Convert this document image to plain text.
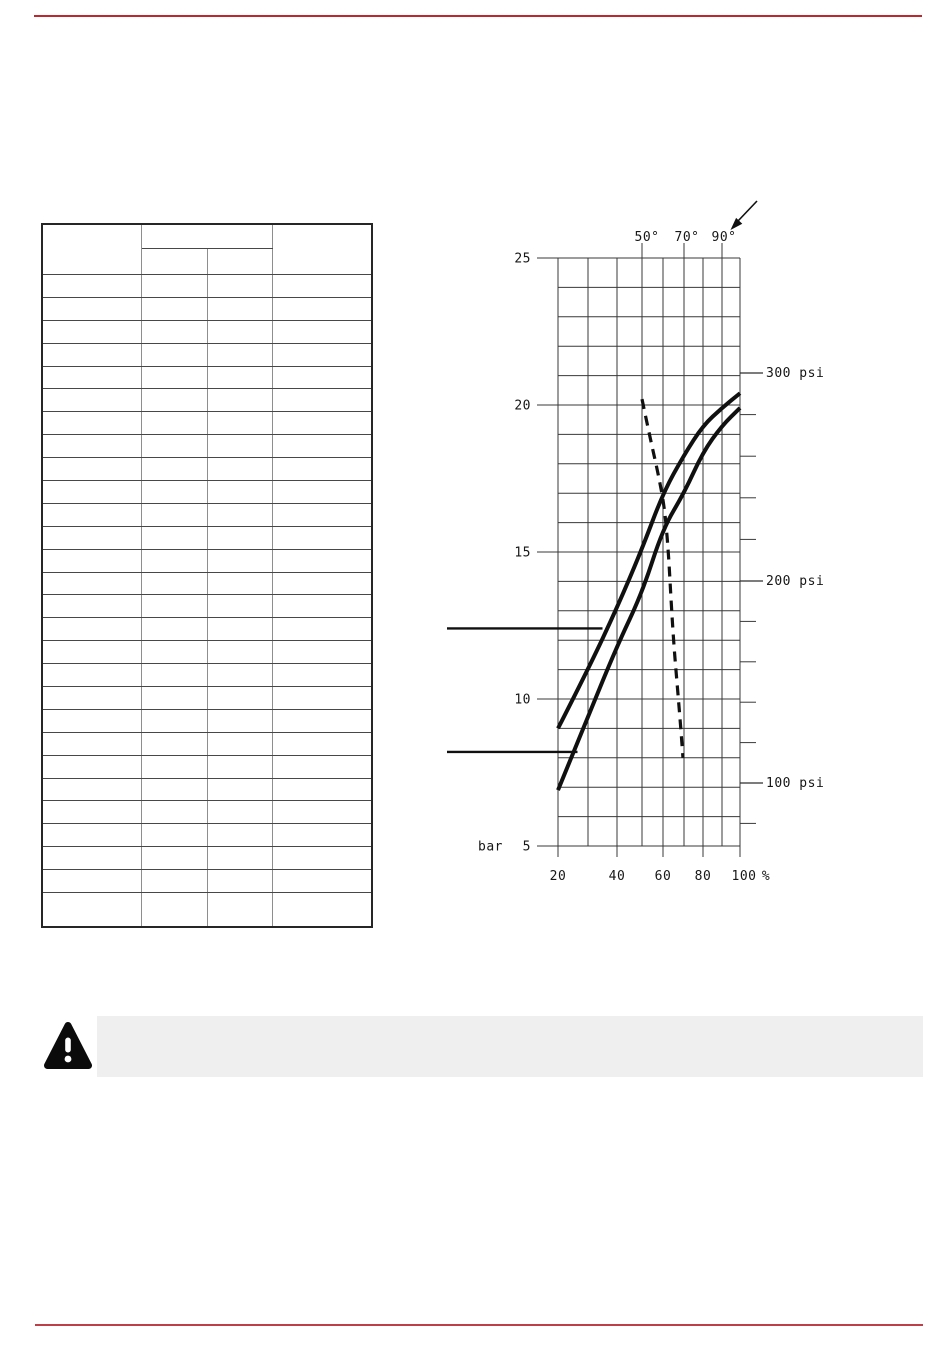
300 psi
200 psi
100 psi
25
20
15
10
5
bar
20	40 60 80 100 %
50° 70° 90°
